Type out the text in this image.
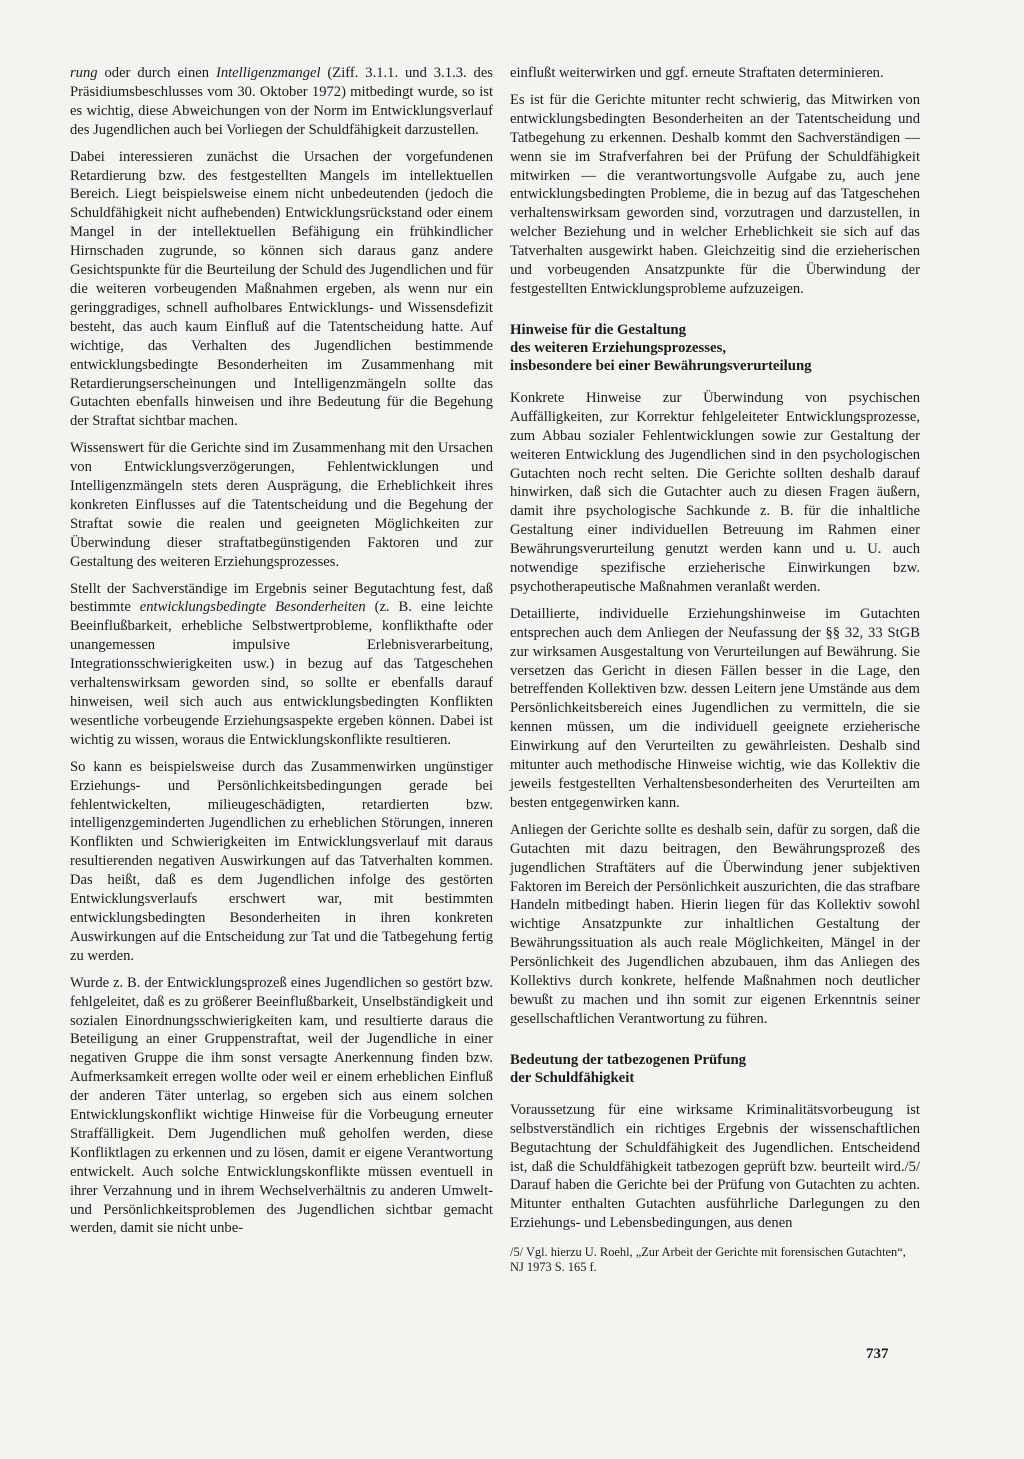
rung oder durch einen Intelligenzmangel (Ziff. 3.1.1. und 3.1.3. des Präsidiumsbeschlusses vom 30. Oktober 1972) mitbedingt wurde, so ist es wichtig, diese Abweichungen von der Norm im Entwicklungsverlauf des Jugendlichen auch bei Vorliegen der Schuldfähigkeit darzustellen.

Dabei interessieren zunächst die Ursachen der vorgefundenen Retardierung bzw. des festgestellten Mangels im intellektuellen Bereich. Liegt beispielsweise einem nicht unbedeutenden (jedoch die Schuldfähigkeit nicht aufhebenden) Entwicklungsrückstand oder einem Mangel in der intellektuellen Befähigung ein frühkindlicher Hirnschaden zugrunde, so können sich daraus ganz andere Gesichtspunkte für die Beurteilung der Schuld des Jugendlichen und für die weiteren vorbeugenden Maßnahmen ergeben, als wenn nur ein geringgradiges, schnell aufholbares Entwicklungs- und Wissensdefizit besteht, das auch kaum Einfluß auf die Tatentscheidung hatte. Auf wichtige, das Verhalten des Jugendlichen bestimmende entwicklungsbedingte Besonderheiten im Zusammenhang mit Retardierungserscheinungen und Intelligenzmängeln sollte das Gutachten ebenfalls hinweisen und ihre Bedeutung für die Begehung der Straftat sichtbar machen.

Wissenswert für die Gerichte sind im Zusammenhang mit den Ursachen von Entwicklungsverzögerungen, Fehlentwicklungen und Intelligenzmängeln stets deren Ausprägung, die Erheblichkeit ihres konkreten Einflusses auf die Tatentscheidung und die Begehung der Straftat sowie die realen und geeigneten Möglichkeiten zur Überwindung dieser straftatbegünstigenden Faktoren und zur Gestaltung des weiteren Erziehungsprozesses.

Stellt der Sachverständige im Ergebnis seiner Begutachtung fest, daß bestimmte entwicklungsbedingte Besonderheiten (z. B. eine leichte Beeinflußbarkeit, erhebliche Selbstwertprobleme, konflikthafte oder unangemessen impulsive Erlebnisverarbeitung, Integrationsschwierigkeiten usw.) in bezug auf das Tatgeschehen verhaltenswirksam geworden sind, so sollte er ebenfalls darauf hinweisen, weil sich auch aus entwicklungsbedingten Konflikten wesentliche vorbeugende Erziehungsaspekte ergeben können. Dabei ist wichtig zu wissen, woraus die Entwicklungskonflikte resultieren.

So kann es beispielsweise durch das Zusammenwirken ungünstiger Erziehungs- und Persönlichkeitsbedingungen gerade bei fehlentwickelten, milieugeschädigten, retardierten bzw. intelligenzgeminderten Jugendlichen zu erheblichen Störungen, inneren Konflikten und Schwierigkeiten im Entwicklungsverlauf mit daraus resultierenden negativen Auswirkungen auf das Tatverhalten kommen. Das heißt, daß es dem Jugendlichen infolge des gestörten Entwicklungsverlaufs erschwert war, mit bestimmten entwicklungsbedingten Besonderheiten in ihren konkreten Auswirkungen auf die Entscheidung zur Tat und die Tatbegehung fertig zu werden.

Wurde z. B. der Entwicklungsprozeß eines Jugendlichen so gestört bzw. fehlgeleitet, daß es zu größerer Beeinflußbarkeit, Unselbständigkeit und sozialen Einordnungsschwierigkeiten kam, und resultierte daraus die Beteiligung an einer Gruppenstraftat, weil der Jugendliche in einer negativen Gruppe die ihm sonst versagte Anerkennung finden bzw. Aufmerksamkeit erregen wollte oder weil er einem erheblichen Einfluß der anderen Täter unterlag, so ergeben sich aus einem solchen Entwicklungskonflikt wichtige Hinweise für die Vorbeugung erneuter Straffälligkeit. Dem Jugendlichen muß geholfen werden, diese Konfliktlagen zu erkennen und zu lösen, damit er eigene Verantwortung entwickelt. Auch solche Entwicklungskonflikte müssen eventuell in ihrer Verzahnung und in ihrem Wechselverhältnis zu anderen Umwelt- und Persönlichkeitsproblemen des Jugendlichen sichtbar gemacht werden, damit sie nicht unbe-

einflußt weiterwirken und ggf. erneute Straftaten determinieren.

Es ist für die Gerichte mitunter recht schwierig, das Mitwirken von entwicklungsbedingten Besonderheiten an der Tatentscheidung und Tatbegehung zu erkennen. Deshalb kommt den Sachverständigen — wenn sie im Strafverfahren bei der Prüfung der Schuldfähigkeit mitwirken — die verantwortungsvolle Aufgabe zu, auch jene entwicklungsbedingten Probleme, die in bezug auf das Tatgeschehen verhaltenswirksam geworden sind, vorzutragen und darzustellen, in welcher Beziehung und in welcher Erheblichkeit sie sich auf das Tatverhalten ausgewirkt haben. Gleichzeitig sind die erzieherischen und vorbeugenden Ansatzpunkte für die Überwindung der festgestellten Entwicklungsprobleme aufzuzeigen.

Hinweise für die Gestaltung
des weiteren Erziehungsprozesses,
insbesondere bei einer Bewährungsverurteilung

Konkrete Hinweise zur Überwindung von psychischen Auffälligkeiten, zur Korrektur fehlgeleiteter Entwicklungsprozesse, zum Abbau sozialer Fehlentwicklungen sowie zur Gestaltung der weiteren Entwicklung des Jugendlichen sind in den psychologischen Gutachten noch recht selten. Die Gerichte sollten deshalb darauf hinwirken, daß sich die Gutachter auch zu diesen Fragen äußern, damit ihre psychologische Sachkunde z. B. für die inhaltliche Gestaltung einer individuellen Betreuung im Rahmen einer Bewährungsverurteilung genutzt werden kann und u. U. auch notwendige spezifische erzieherische Einwirkungen bzw. psychotherapeutische Maßnahmen veranlaßt werden.

Detaillierte, individuelle Erziehungshinweise im Gutachten entsprechen auch dem Anliegen der Neufassung der §§ 32, 33 StGB zur wirksamen Ausgestaltung von Verurteilungen auf Bewährung. Sie versetzen das Gericht in diesen Fällen besser in die Lage, den betreffenden Kollektiven bzw. dessen Leitern jene Umstände aus dem Persönlichkeitsbereich eines Jugendlichen zu vermitteln, die sie kennen müssen, um die individuell geeignete erzieherische Einwirkung auf den Verurteilten zu gewährleisten. Deshalb sind mitunter auch methodische Hinweise wichtig, wie das Kollektiv die jeweils festgestellten Verhaltensbesonderheiten des Verurteilten am besten entgegenwirken kann.

Anliegen der Gerichte sollte es deshalb sein, dafür zu sorgen, daß die Gutachten mit dazu beitragen, den Bewährungsprozeß des jugendlichen Straftäters auf die Überwindung jener subjektiven Faktoren im Bereich der Persönlichkeit auszurichten, die das strafbare Handeln mitbedingt haben. Hierin liegen für das Kollektiv sowohl wichtige Ansatzpunkte zur inhaltlichen Gestaltung der Bewährungssituation als auch reale Möglichkeiten, Mängel in der Persönlichkeit des Jugendlichen abzubauen, ihm das Anliegen des Kollektivs durch konkrete, helfende Maßnahmen noch deutlicher bewußt zu machen und ihn somit zur eigenen Erkenntnis seiner gesellschaftlichen Verantwortung zu führen.

Bedeutung der tatbezogenen Prüfung
der Schuldfähigkeit

Voraussetzung für eine wirksame Kriminalitätsvorbeugung ist selbstverständlich ein richtiges Ergebnis der wissenschaftlichen Begutachtung der Schuldfähigkeit des Jugendlichen. Entscheidend ist, daß die Schuldfähigkeit tatbezogen geprüft bzw. beurteilt wird./5/ Darauf haben die Gerichte bei der Prüfung von Gutachten zu achten. Mitunter enthalten Gutachten ausführliche Darlegungen zu den Erziehungs- und Lebensbedingungen, aus denen

/5/ Vgl. hierzu U. Roehl, „Zur Arbeit der Gerichte mit forensischen Gutachten“, NJ 1973 S. 165 f.
737
